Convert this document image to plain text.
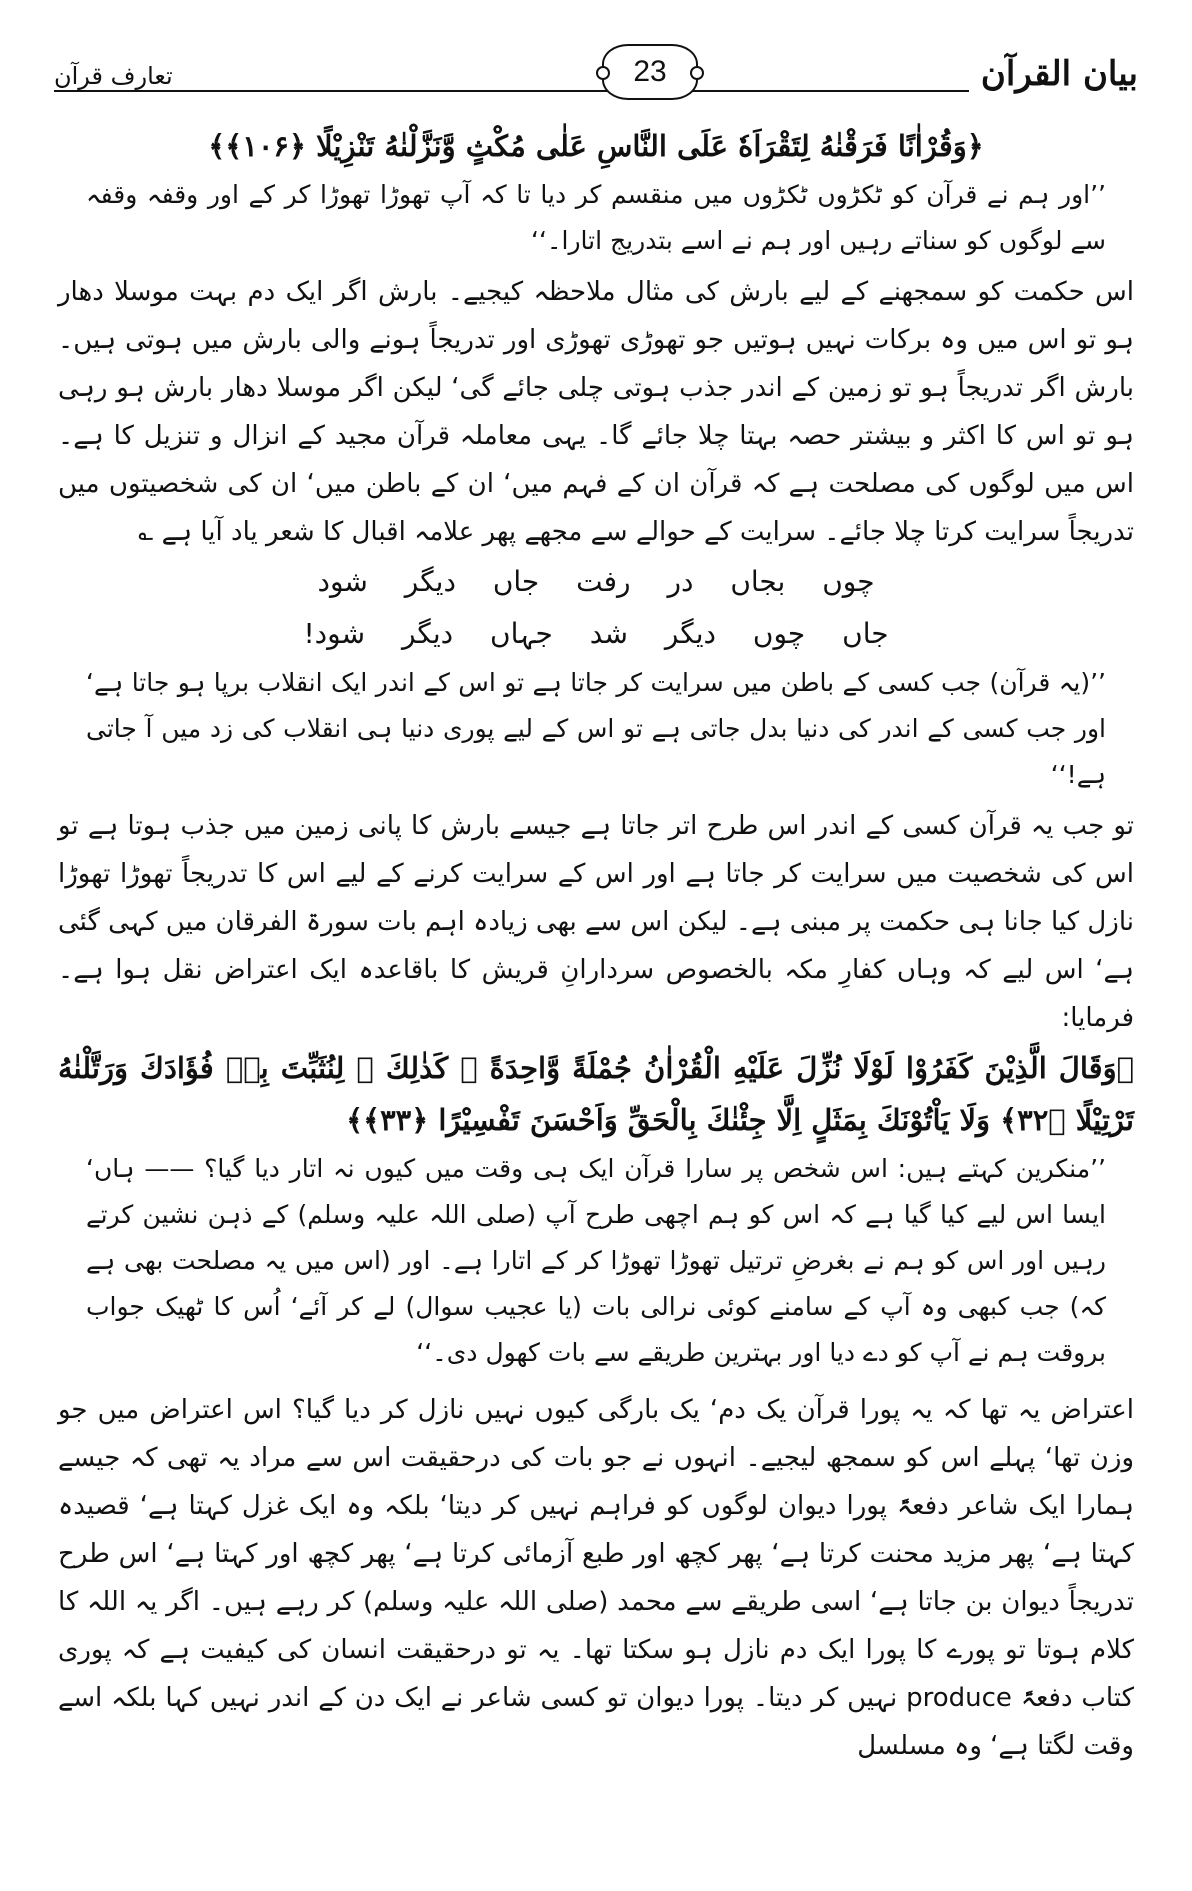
بیان القرآن
23
تعارف قرآن

﴿وَقُرْاٰنًا فَرَقْنٰهُ لِتَقْرَاَهٗ عَلَى النَّاسِ عَلٰى مُكْثٍ وَّنَزَّلْنٰهُ تَنْزِيْلًا ﴿۱۰۶﴾﴾

’’اور ہم نے قرآن کو ٹکڑوں ٹکڑوں میں منقسم کر دیا تا کہ آپ تھوڑا تھوڑا کر کے اور وقفہ وقفہ سے لوگوں کو سناتے رہیں اور ہم نے اسے بتدریج اتارا۔‘‘

اس حکمت کو سمجھنے کے لیے بارش کی مثال ملاحظہ کیجیے۔ بارش اگر ایک دم بہت موسلا دھار ہو تو اس میں وہ برکات نہیں ہوتیں جو تھوڑی تھوڑی اور تدریجاً ہونے والی بارش میں ہوتی ہیں۔ بارش اگر تدریجاً ہو تو زمین کے اندر جذب ہوتی چلی جائے گی‘ لیکن اگر موسلا دھار بارش ہو رہی ہو تو اس کا اکثر و بیشتر حصہ بہتا چلا جائے گا۔ یہی معاملہ قرآن مجید کے انزال و تنزیل کا ہے۔ اس میں لوگوں کی مصلحت ہے کہ قرآن ان کے فہم میں‘ ان کے باطن میں‘ ان کی شخصیتوں میں تدریجاً سرایت کرتا چلا جائے۔ سرایت کے حوالے سے مجھے پھر علامہ اقبال کا شعر یاد آیا ہے ؎

چوں بجاں در رفت جاں دیگر شود

جاں چوں دیگر شد جہاں دیگر شود!

’’(یہ قرآن) جب کسی کے باطن میں سرایت کر جاتا ہے تو اس کے اندر ایک انقلاب برپا ہو جاتا ہے‘ اور جب کسی کے اندر کی دنیا بدل جاتی ہے تو اس کے لیے پوری دنیا ہی انقلاب کی زد میں آ جاتی ہے!‘‘

تو جب یہ قرآن کسی کے اندر اس طرح اتر جاتا ہے جیسے بارش کا پانی زمین میں جذب ہوتا ہے تو اس کی شخصیت میں سرایت کر جاتا ہے اور اس کے سرایت کرنے کے لیے اس کا تدریجاً تھوڑا تھوڑا نازل کیا جانا ہی حکمت پر مبنی ہے۔ لیکن اس سے بھی زیادہ اہم بات سورۃ الفرقان میں کہی گئی ہے‘ اس لیے کہ وہاں کفارِ مکہ بالخصوص سردارانِ قریش کا باقاعدہ ایک اعتراض نقل ہوا ہے۔ فرمایا:

﴿وَقَالَ الَّذِيْنَ كَفَرُوْا لَوْلَا نُزِّلَ عَلَيْهِ الْقُرْاٰنُ جُمْلَةً وَّاحِدَةً ۚ كَذٰلِكَ ۚ لِنُثَبِّتَ بِهٖ فُؤَادَكَ وَرَتَّلْنٰهُ تَرْتِيْلًا ﴿۳۲﴾ وَلَا يَاْتُوْنَكَ بِمَثَلٍ اِلَّا جِئْنٰكَ بِالْحَقِّ وَاَحْسَنَ تَفْسِيْرًا ﴿۳۳﴾﴾

’’منکرین کہتے ہیں: اس شخص پر سارا قرآن ایک ہی وقت میں کیوں نہ اتار دیا گیا؟ —— ہاں‘ ایسا اس لیے کیا گیا ہے کہ اس کو ہم اچھی طرح آپ (صلی اللہ علیہ وسلم) کے ذہن نشین کرتے رہیں اور اس کو ہم نے بغرضِ ترتیل تھوڑا تھوڑا کر کے اتارا ہے۔ اور (اس میں یہ مصلحت بھی ہے کہ) جب کبھی وہ آپ کے سامنے کوئی نرالی بات (یا عجیب سوال) لے کر آئے‘ اُس کا ٹھیک جواب بروقت ہم نے آپ کو دے دیا اور بہترین طریقے سے بات کھول دی۔‘‘

اعتراض یہ تھا کہ یہ پورا قرآن یک دم‘ یک بارگی کیوں نہیں نازل کر دیا گیا؟ اس اعتراض میں جو وزن تھا‘ پہلے اس کو سمجھ لیجیے۔ انہوں نے جو بات کی درحقیقت اس سے مراد یہ تھی کہ جیسے ہمارا ایک شاعر دفعۃً پورا دیوان لوگوں کو فراہم نہیں کر دیتا‘ بلکہ وہ ایک غزل کہتا ہے‘ قصیدہ کہتا ہے‘ پھر مزید محنت کرتا ہے‘ پھر کچھ اور طبع آزمائی کرتا ہے‘ پھر کچھ اور کہتا ہے‘ اس طرح تدریجاً دیوان بن جاتا ہے‘ اسی طریقے سے محمد (صلی اللہ علیہ وسلم) کر رہے ہیں۔ اگر یہ اللہ کا کلام ہوتا تو پورے کا پورا ایک دم نازل ہو سکتا تھا۔ یہ تو درحقیقت انسان کی کیفیت ہے کہ پوری کتاب دفعۃً produce نہیں کر دیتا۔ پورا دیوان تو کسی شاعر نے ایک دن کے اندر نہیں کہا بلکہ اسے وقت لگتا ہے‘ وہ مسلسل
